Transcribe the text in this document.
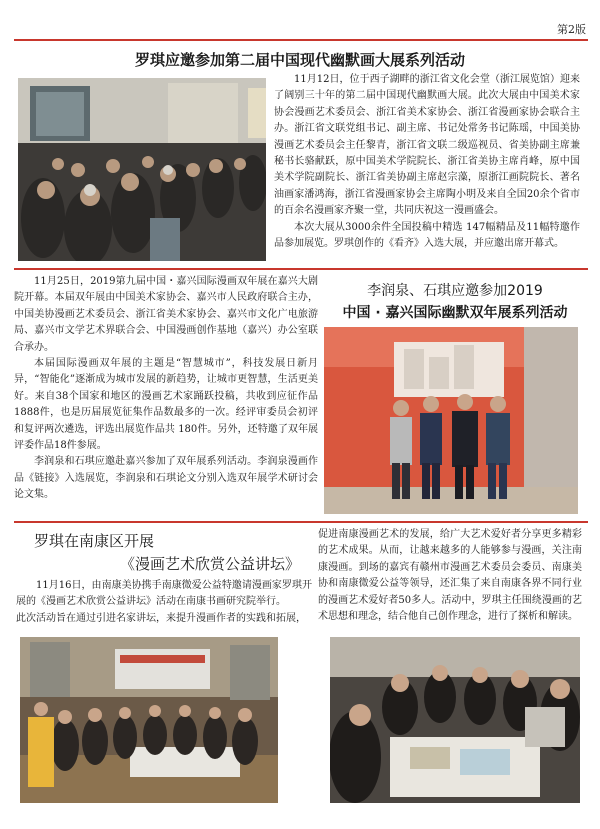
第2版
罗琪应邀参加第二届中国现代幽默画大展系列活动

11月12日，位于西子湖畔的浙江省文化会堂（浙江展览馆）迎来了阔别三十年的第二届中国现代幽默画大展。此次大展由中国美术家协会漫画艺术委员会、浙江省美术家协会、浙江省漫画家协会联合主办。浙江省文联党组书记、副主席、书记处常务书记陈瑶，中国美协漫画艺术委员会主任黎青，浙江省文联二级巡视员、省美协副主席兼秘书长骆献跃，原中国美术学院院长、浙江省美协主席肖峰，原中国美术学院副院长、浙江省美协副主席赵宗藻，原浙江画院院长、著名油画家潘鸿海，浙江省漫画家协会主席陶小明及来自全国20余个省市的百余名漫画家齐聚一堂，共同庆祝这一漫画盛会。

本次大展从3000余件全国投稿中精选 147幅精品及11幅特邀作品参加展览。罗琪创作的《看齐》入选大展，并应邀出席开幕式。

11月25日，2019第九届中国・嘉兴国际漫画双年展在嘉兴大剧院开幕。本届双年展由中国美术家协会、嘉兴市人民政府联合主办，中国美协漫画艺术委员会、浙江省美术家协会、嘉兴市文化广电旅游局、嘉兴市文学艺术界联合会、中国漫画创作基地（嘉兴）办公室联合承办。

本届国际漫画双年展的主题是“智慧城市”，科技发展日新月异，“智能化”逐渐成为城市发展的新趋势，让城市更智慧，生活更美好。来自38个国家和地区的漫画艺术家踊跃投稿，共收到应征作品1888件，也是历届展览征集作品数最多的一次。经评审委员会初评和复评两次遴选，评选出展览作品共 180件。另外，还特邀了双年展评委作品18件参展。

李润泉和石琪应邀赴嘉兴参加了双年展系列活动。李润泉漫画作品《链接》入选展览，李润泉和石琪论文分别入选双年展学术研讨会论文集。

李润泉、石琪应邀参加2019
中国 · 嘉兴国际幽默双年展系列活动
罗琪在南康区开展
《漫画艺术欣赏公益讲坛》

11月16日，由南康美协携手南康微爱公益特邀请漫画家罗琪开展的《漫画艺术欣赏公益讲坛》活动在南康书画研究院举行。

此次活动旨在通过引进名家讲坛，来提升漫画作者的实践和拓展，

促进南康漫画艺术的发展，给广大艺术爱好者分享更多精彩的艺术成果。从而，让越来越多的人能够参与漫画，关注南康漫画。到场的嘉宾有赣州市漫画艺术委员会委员、南康美协和南康微爱公益等领导，还汇集了来自南康各界不同行业的漫画艺术爱好者50多人。活动中，罗琪主任围绕漫画的艺术思想和理念，结合他自己创作理念，进行了探析和解读。
